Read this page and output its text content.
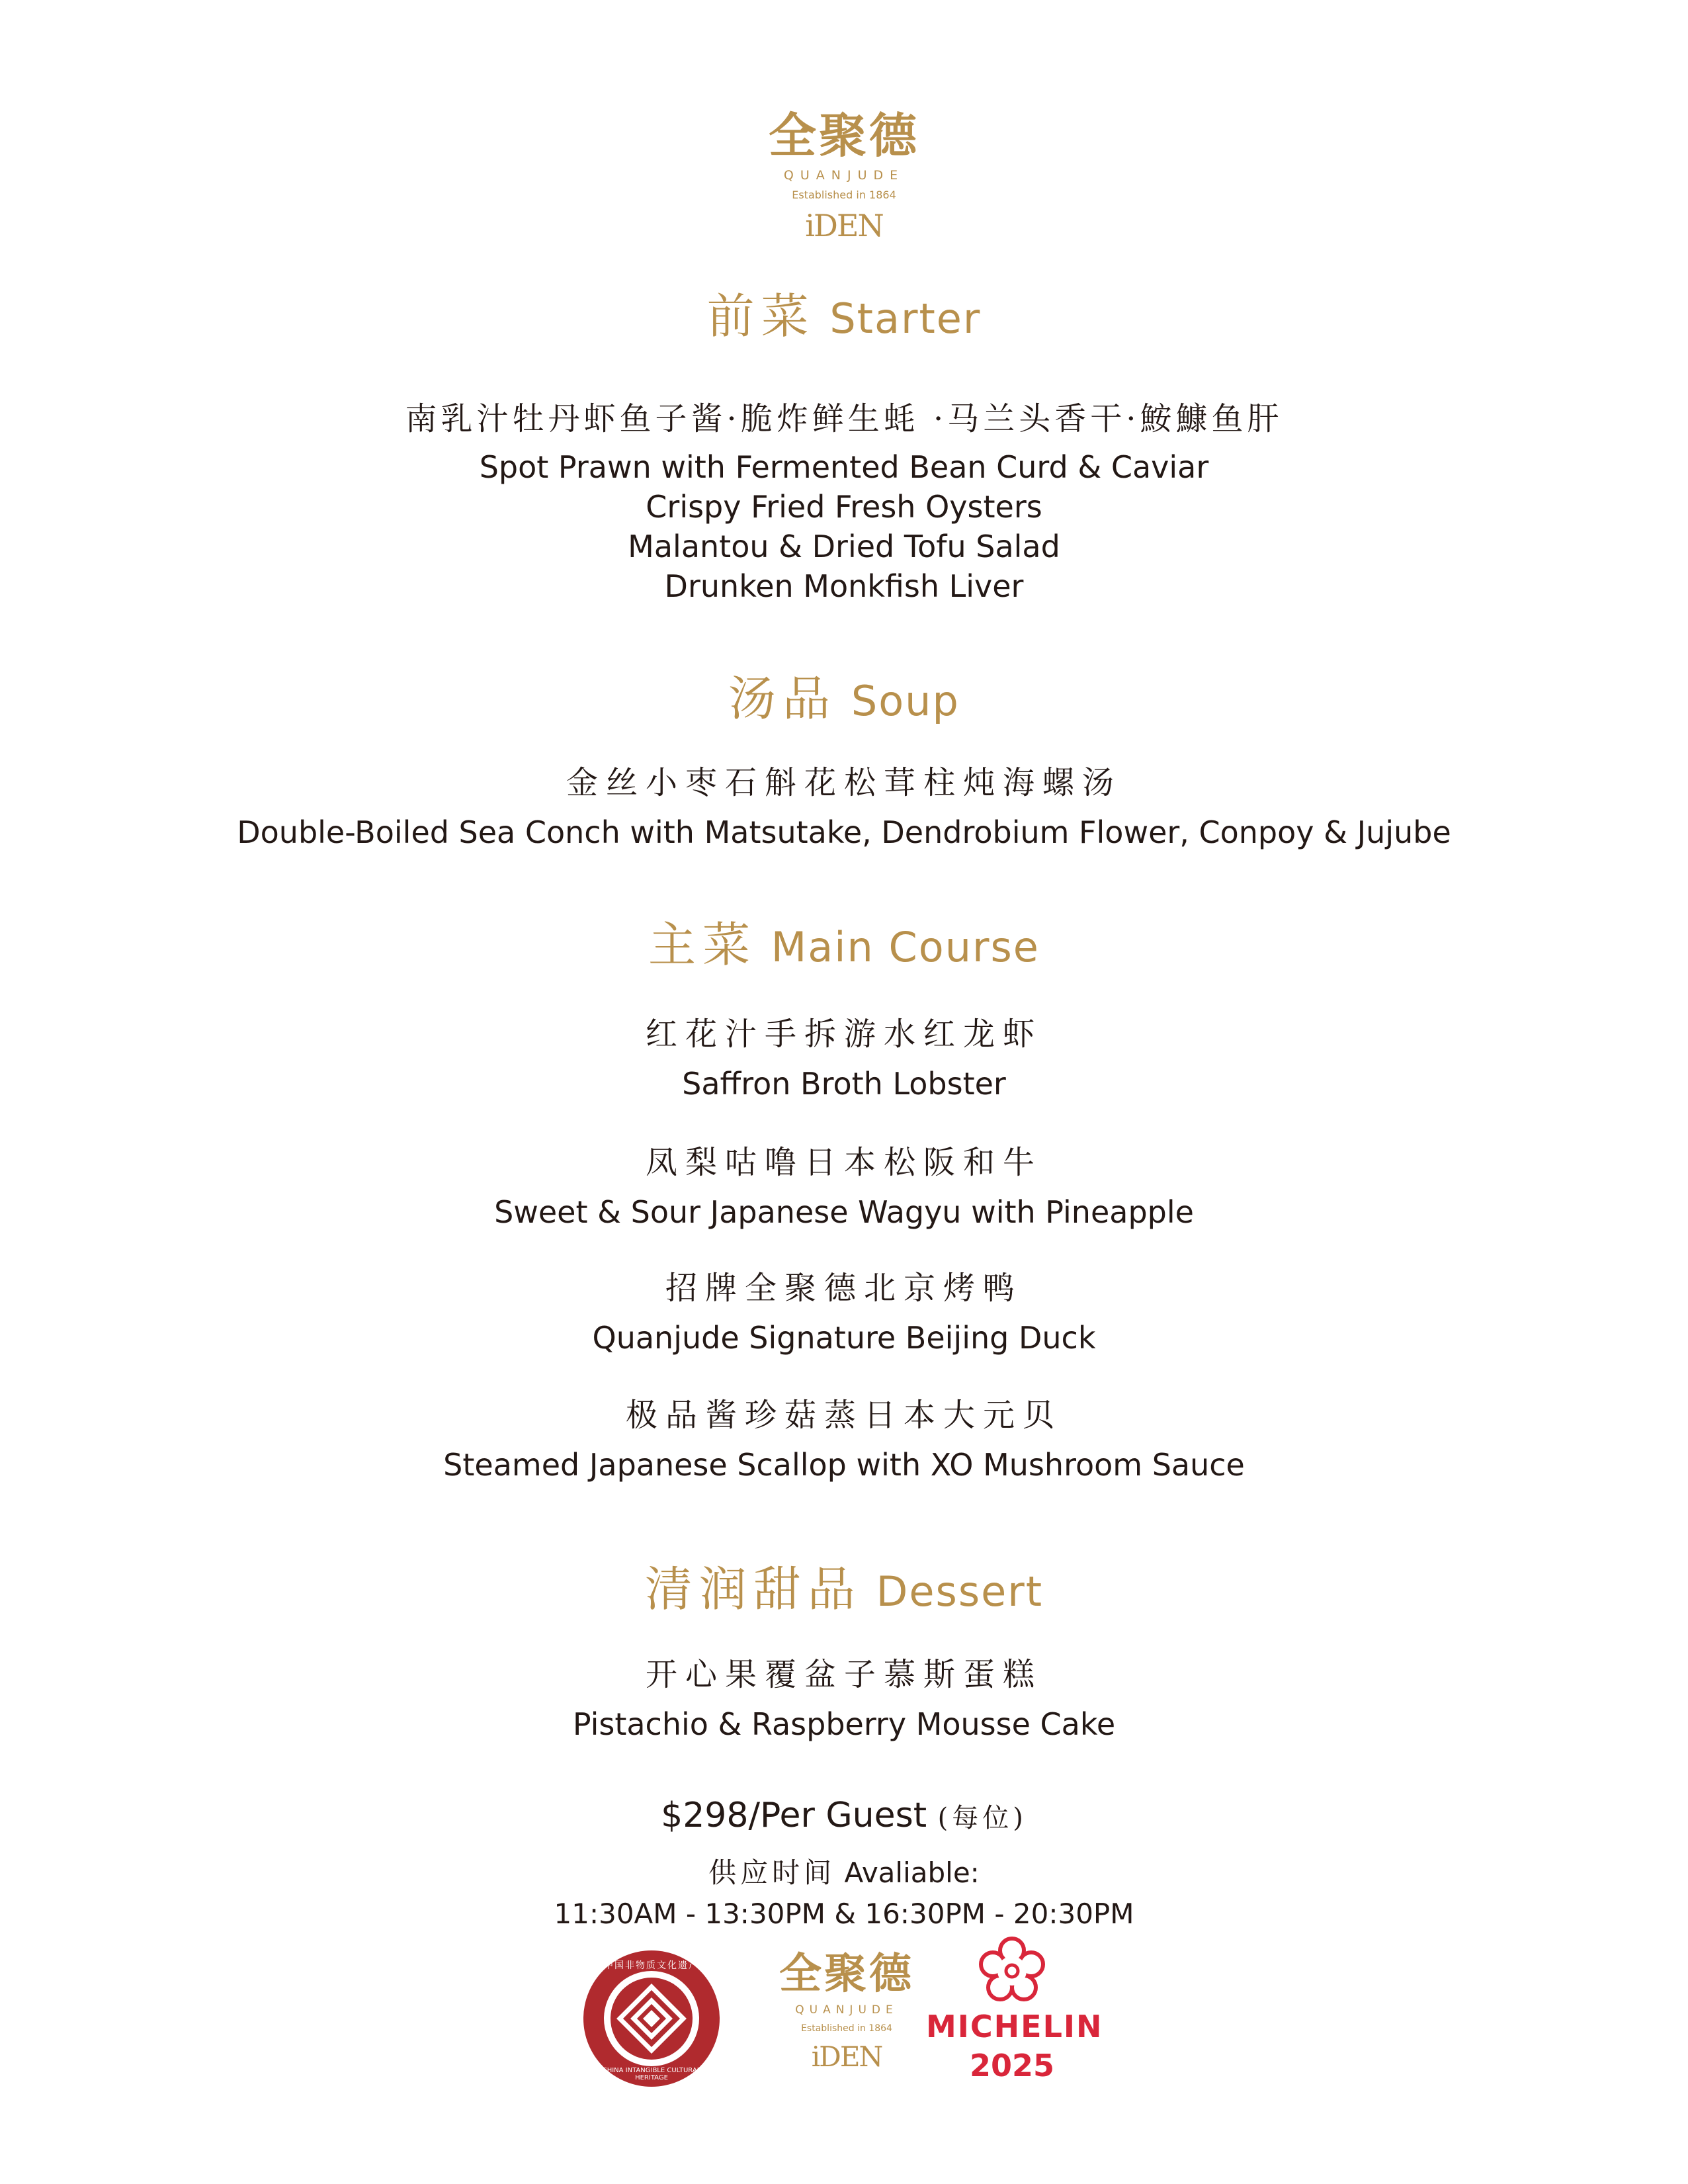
全聚德
QUANJUDE
Established in 1864
iDEN
前菜 Starter
南乳汁牡丹虾鱼子酱·脆炸鲜生蚝 ·马兰头香干·鮟鱇鱼肝
Spot Prawn with Fermented Bean Curd & Caviar
Crispy Fried Fresh Oysters
Malantou & Dried Tofu Salad
Drunken Monkfish Liver
汤品 Soup
金丝小枣石斛花松茸柱炖海螺汤
Double-Boiled Sea Conch with Matsutake, Dendrobium Flower, Conpoy & Jujube
主菜 Main Course
红花汁手拆游水红龙虾
Saffron Broth Lobster
凤梨咕噜日本松阪和牛
Sweet & Sour Japanese Wagyu with Pineapple
招牌全聚德北京烤鸭
Quanjude Signature Beijing Duck
极品酱珍菇蒸日本大元贝
Steamed Japanese Scallop with XO Mushroom Sauce
清润甜品 Dessert
开心果覆盆子慕斯蛋糕
Pistachio & Raspberry Mousse Cake
$298/Per Guest (每位)
供应时间 Avaliable:
11:30AM - 13:30PM & 16:30PM - 20:30PM
中国非物质文化遗产
CHINA INTANGIBLE CULTURAL HERITAGE
全聚德
QUANJUDE
Established in 1864
iDEN
MICHELIN
2025
